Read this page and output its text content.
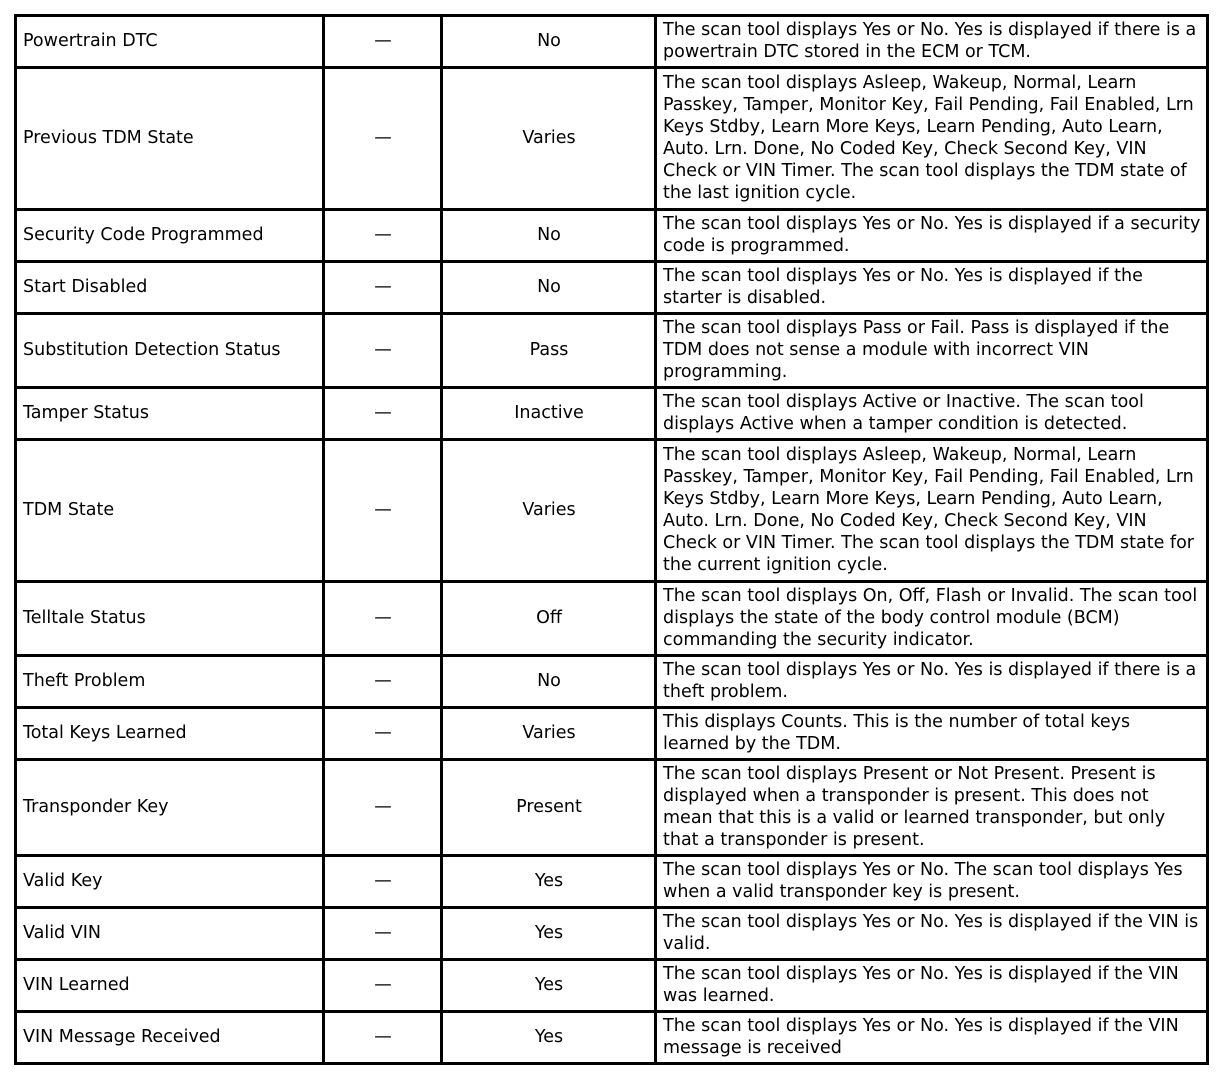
Powertrain DTC	—	No	The scan tool displays Yes or No. Yes is displayed if there is a powertrain DTC stored in the ECM or TCM.
Previous TDM State	—	Varies	The scan tool displays Asleep, Wakeup, Normal, Learn Passkey, Tamper, Monitor Key, Fail Pending, Fail Enabled, Lrn Keys Stdby, Learn More Keys, Learn Pending, Auto Learn, Auto. Lrn. Done, No Coded Key, Check Second Key, VIN Check or VIN Timer. The scan tool displays the TDM state of the last ignition cycle.
Security Code Programmed	—	No	The scan tool displays Yes or No. Yes is displayed if a security code is programmed.
Start Disabled	—	No	The scan tool displays Yes or No. Yes is displayed if the starter is disabled.
Substitution Detection Status	—	Pass	The scan tool displays Pass or Fail. Pass is displayed if the TDM does not sense a module with incorrect VIN programming.
Tamper Status	—	Inactive	The scan tool displays Active or Inactive. The scan tool displays Active when a tamper condition is detected.
TDM State	—	Varies	The scan tool displays Asleep, Wakeup, Normal, Learn Passkey, Tamper, Monitor Key, Fail Pending, Fail Enabled, Lrn Keys Stdby, Learn More Keys, Learn Pending, Auto Learn, Auto. Lrn. Done, No Coded Key, Check Second Key, VIN Check or VIN Timer. The scan tool displays the TDM state for the current ignition cycle.
Telltale Status	—	Off	The scan tool displays On, Off, Flash or Invalid. The scan tool displays the state of the body control module (BCM) commanding the security indicator.
Theft Problem	—	No	The scan tool displays Yes or No. Yes is displayed if there is a theft problem.
Total Keys Learned	—	Varies	This displays Counts. This is the number of total keys learned by the TDM.
Transponder Key	—	Present	The scan tool displays Present or Not Present. Present is displayed when a transponder is present. This does not mean that this is a valid or learned transponder, but only that a transponder is present.
Valid Key	—	Yes	The scan tool displays Yes or No. The scan tool displays Yes when a valid transponder key is present.
Valid VIN	—	Yes	The scan tool displays Yes or No. Yes is displayed if the VIN is valid.
VIN Learned	—	Yes	The scan tool displays Yes or No. Yes is displayed if the VIN was learned.
VIN Message Received	—	Yes	The scan tool displays Yes or No. Yes is displayed if the VIN message is received
